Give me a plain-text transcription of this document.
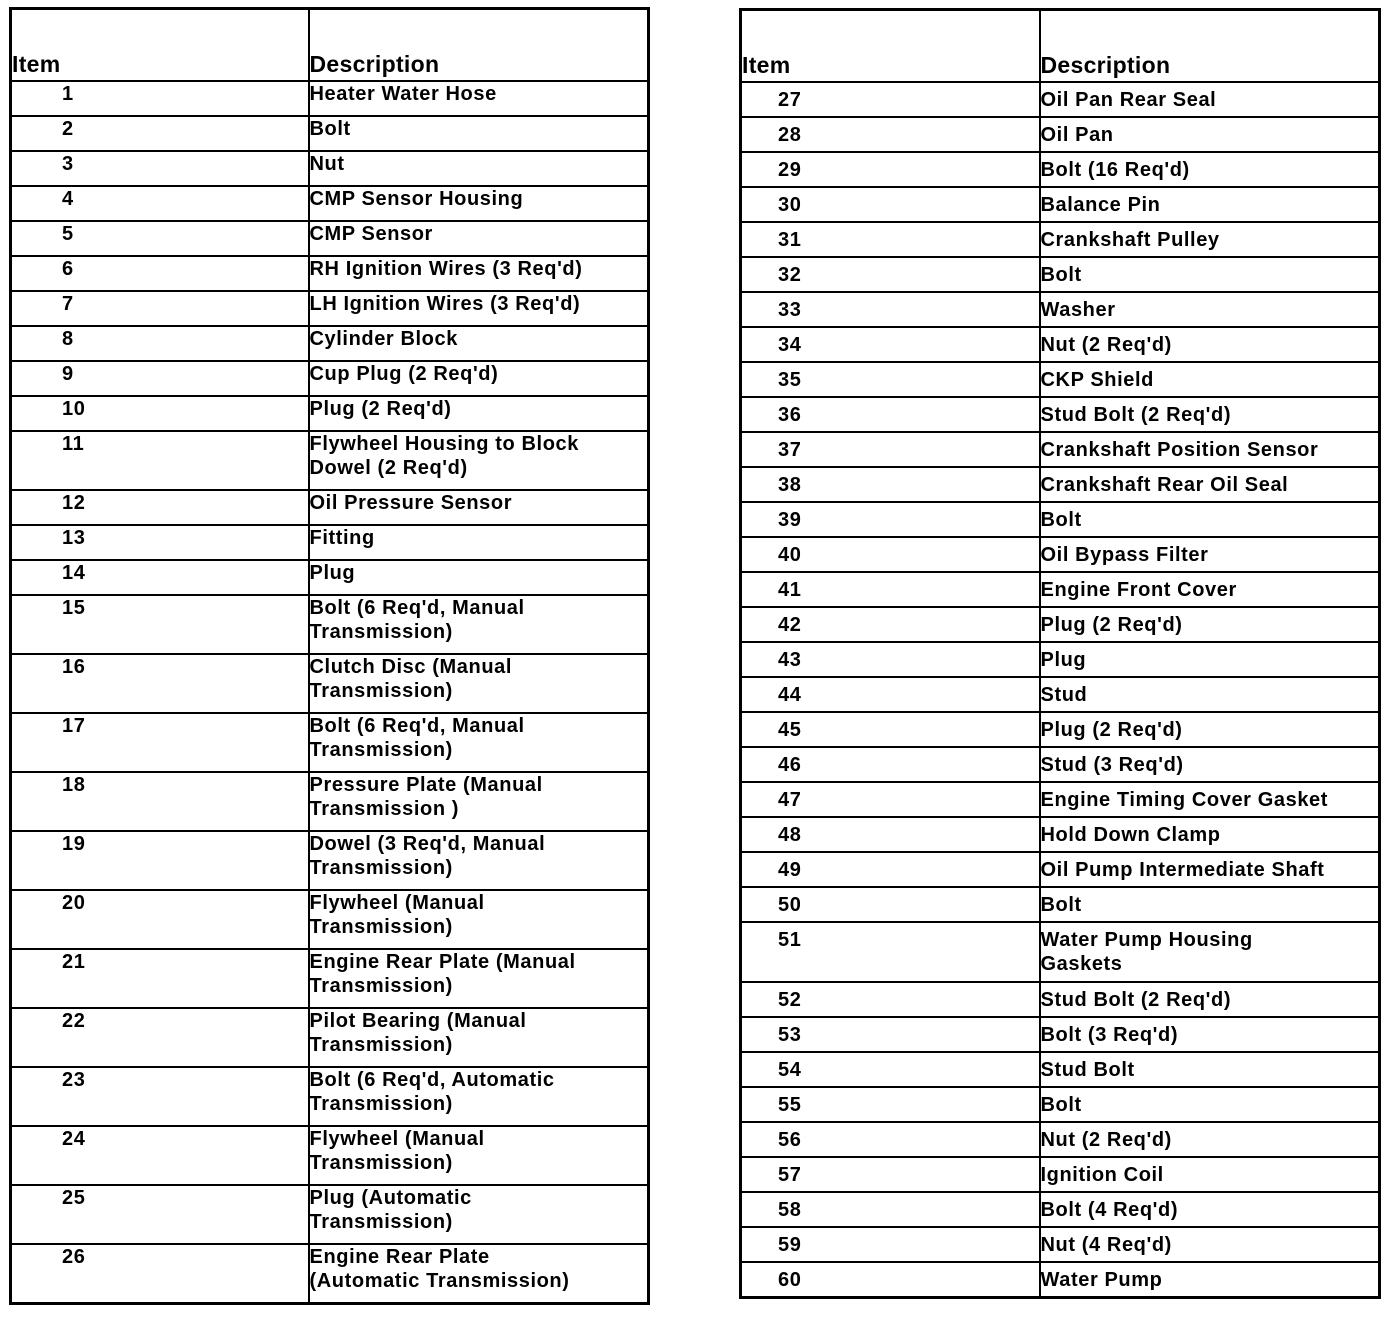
Item	Description
1	Heater Water Hose
2	Bolt
3	Nut
4	CMP Sensor Housing
5	CMP Sensor
6	RH Ignition Wires (3 Req'd)
7	LH Ignition Wires (3 Req'd)
8	Cylinder Block
9	Cup Plug (2 Req'd)
10	Plug (2 Req'd)
11	Flywheel Housing to Block
Dowel (2 Req'd)
12	Oil Pressure Sensor
13	Fitting
14	Plug
15	Bolt (6 Req'd, Manual
Transmission)
16	Clutch Disc (Manual
Transmission)
17	Bolt (6 Req'd, Manual
Transmission)
18	Pressure Plate (Manual
Transmission )
19	Dowel (3 Req'd, Manual
Transmission)
20	Flywheel (Manual
Transmission)
21	Engine Rear Plate (Manual
Transmission)
22	Pilot Bearing (Manual
Transmission)
23	Bolt (6 Req'd, Automatic
Transmission)
24	Flywheel (Manual
Transmission)
25	Plug (Automatic
Transmission)
26	Engine Rear Plate
(Automatic Transmission)
Item	Description
27	Oil Pan Rear Seal
28	Oil Pan
29	Bolt (16 Req'd)
30	Balance Pin
31	Crankshaft Pulley
32	Bolt
33	Washer
34	Nut (2 Req'd)
35	CKP Shield
36	Stud Bolt (2 Req'd)
37	Crankshaft Position Sensor
38	Crankshaft Rear Oil Seal
39	Bolt
40	Oil Bypass Filter
41	Engine Front Cover
42	Plug (2 Req'd)
43	Plug
44	Stud
45	Plug (2 Req'd)
46	Stud (3 Req'd)
47	Engine Timing Cover Gasket
48	Hold Down Clamp
49	Oil Pump Intermediate Shaft
50	Bolt
51	Water Pump Housing
Gaskets
52	Stud Bolt (2 Req'd)
53	Bolt (3 Req'd)
54	Stud Bolt
55	Bolt
56	Nut (2 Req'd)
57	Ignition Coil
58	Bolt (4 Req'd)
59	Nut (4 Req'd)
60	Water Pump
